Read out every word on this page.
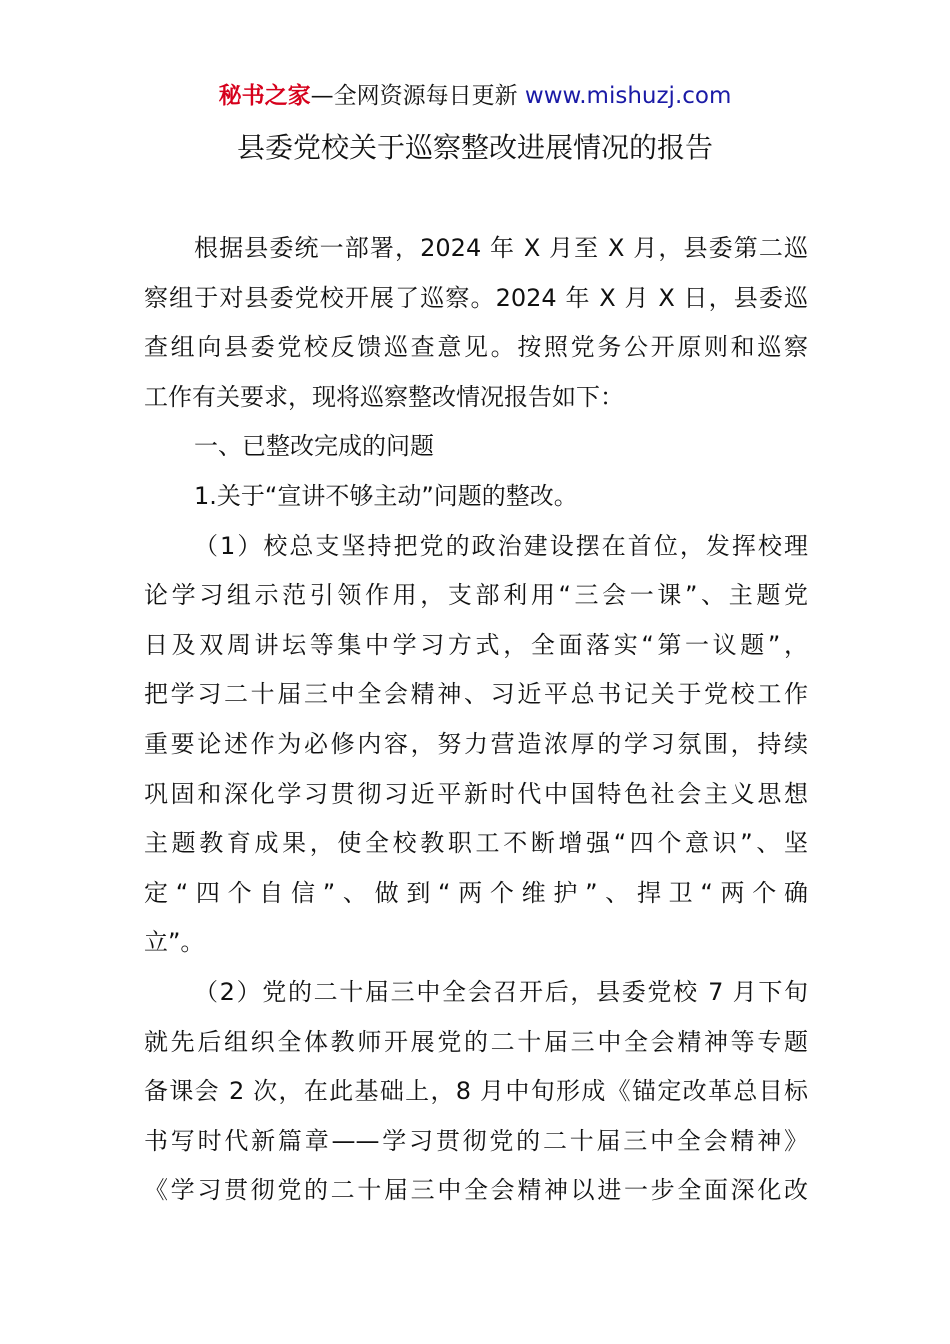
秘书之家—全网资源每日更新 www.mishuzj.com
县委党校关于巡察整改进展情况的报告
根据县委统一部署，2024 年 X 月至 X 月，县委第二巡
察组于对县委党校开展了巡察。2024 年 X 月 X 日，县委巡
查组向县委党校反馈巡查意见。按照党务公开原则和巡察
工作有关要求，现将巡察整改情况报告如下：
一、已整改完成的问题
1.关于“宣讲不够主动”问题的整改。
（1）校总支坚持把党的政治建设摆在首位，发挥校理
论学习组示范引领作用，支部利用“三会一课”、主题党
日及双周讲坛等集中学习方式，全面落实“第一议题”，
把学习二十届三中全会精神、习近平总书记关于党校工作
重要论述作为必修内容，努力营造浓厚的学习氛围，持续
巩固和深化学习贯彻习近平新时代中国特色社会主义思想
主题教育成果，使全校教职工不断增强“四个意识”、坚
定“四个自信”、做到“两个维护”、捍卫“两个确
立”。
（2）党的二十届三中全会召开后，县委党校 7 月下旬
就先后组织全体教师开展党的二十届三中全会精神等专题
备课会 2 次，在此基础上，8 月中旬形成《锚定改革总目标
书写时代新篇章——学习贯彻党的二十届三中全会精神》
《学习贯彻党的二十届三中全会精神以进一步全面深化改
